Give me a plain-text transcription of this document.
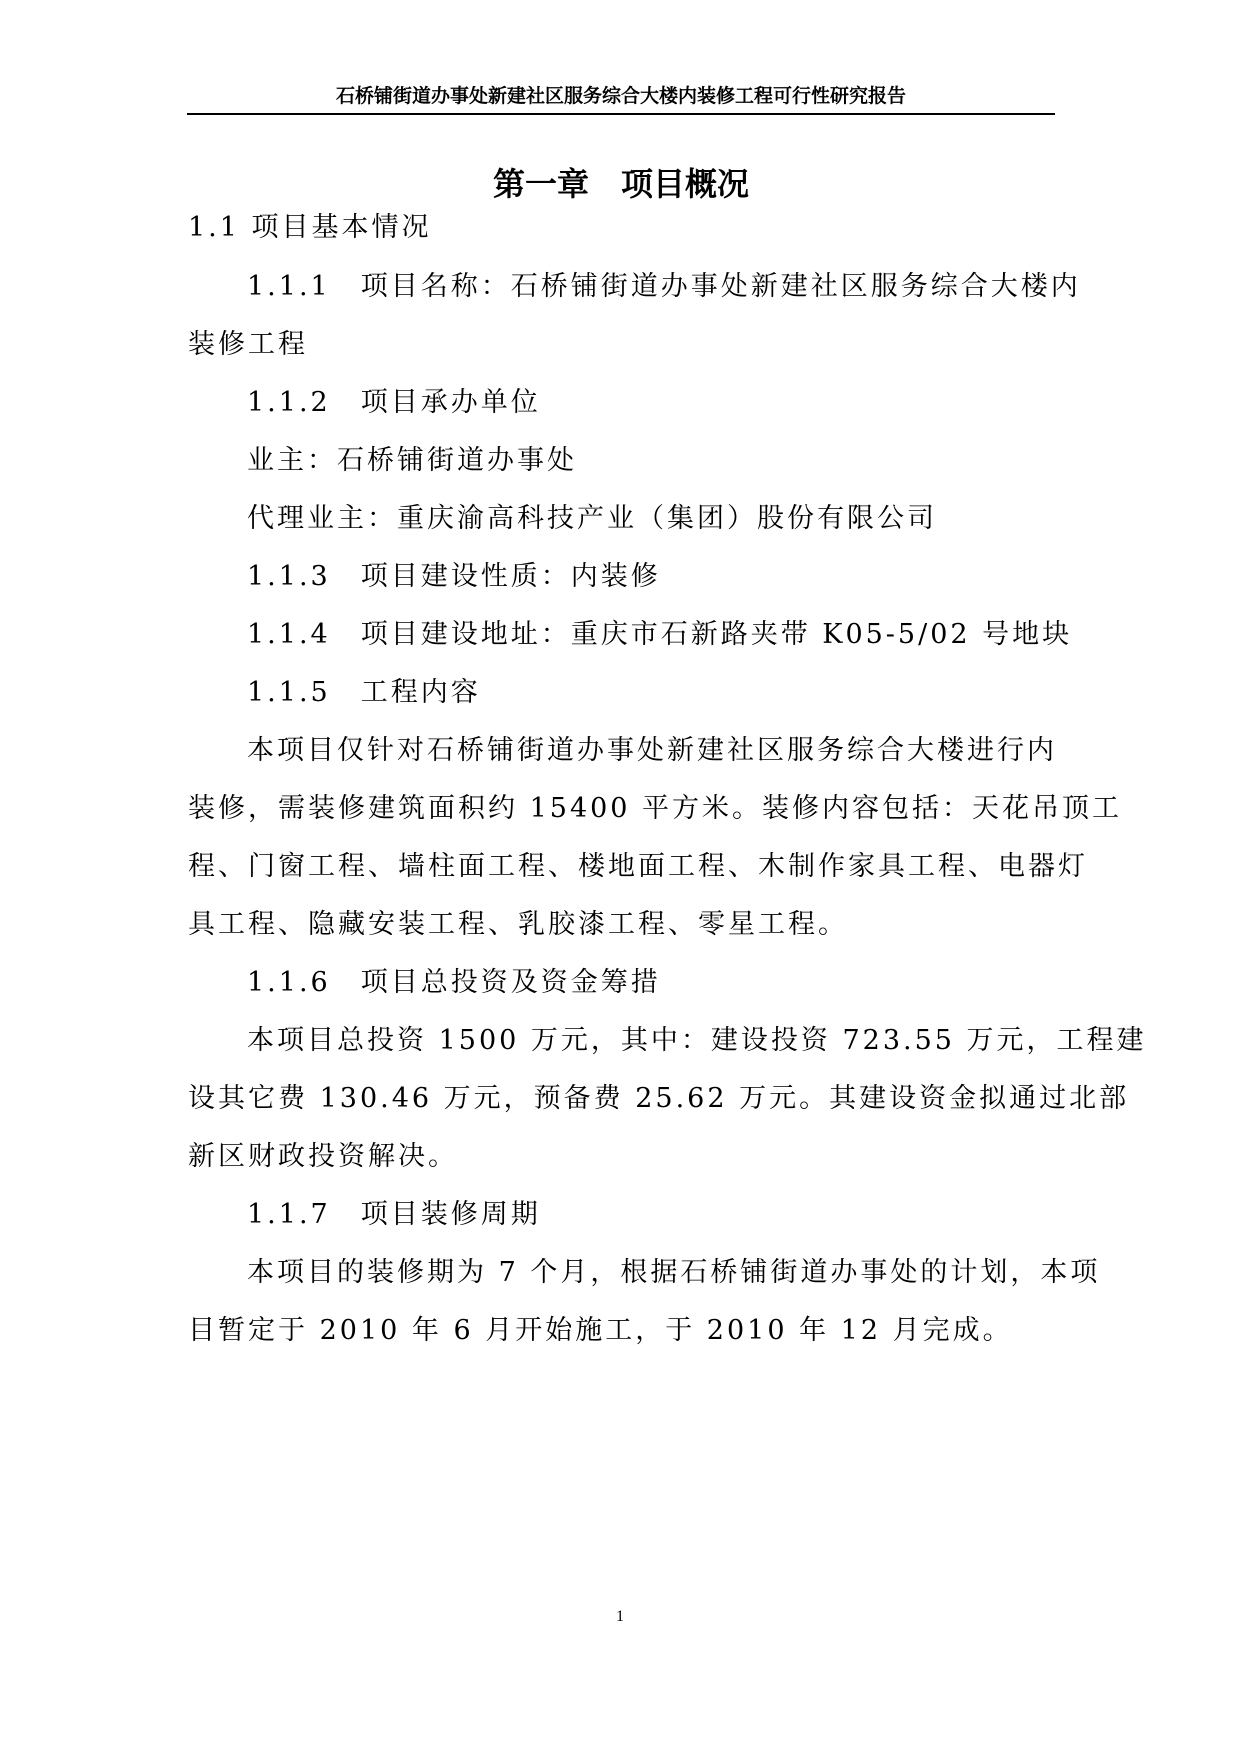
石桥铺街道办事处新建社区服务综合大楼内装修工程可行性研究报告
第一章　项目概况
1.1 项目基本情况
1.1.1　项目名称：石桥铺街道办事处新建社区服务综合大楼内
装修工程
1.1.2　项目承办单位
业主：石桥铺街道办事处
代理业主：重庆渝高科技产业（集团）股份有限公司
1.1.3　项目建设性质：内装修
1.1.4　项目建设地址：重庆市石新路夹带 K05-5/02 号地块
1.1.5　工程内容
本项目仅针对石桥铺街道办事处新建社区服务综合大楼进行内
装修，需装修建筑面积约 15400 平方米。装修内容包括：天花吊顶工
程、门窗工程、墙柱面工程、楼地面工程、木制作家具工程、电器灯
具工程、隐藏安装工程、乳胶漆工程、零星工程。
1.1.6　项目总投资及资金筹措
本项目总投资 1500 万元，其中：建设投资 723.55 万元，工程建
设其它费 130.46 万元，预备费 25.62 万元。其建设资金拟通过北部
新区财政投资解决。
1.1.7　项目装修周期
本项目的装修期为 7 个月，根据石桥铺街道办事处的计划，本项
目暂定于 2010 年 6 月开始施工，于 2010 年 12 月完成。
1
